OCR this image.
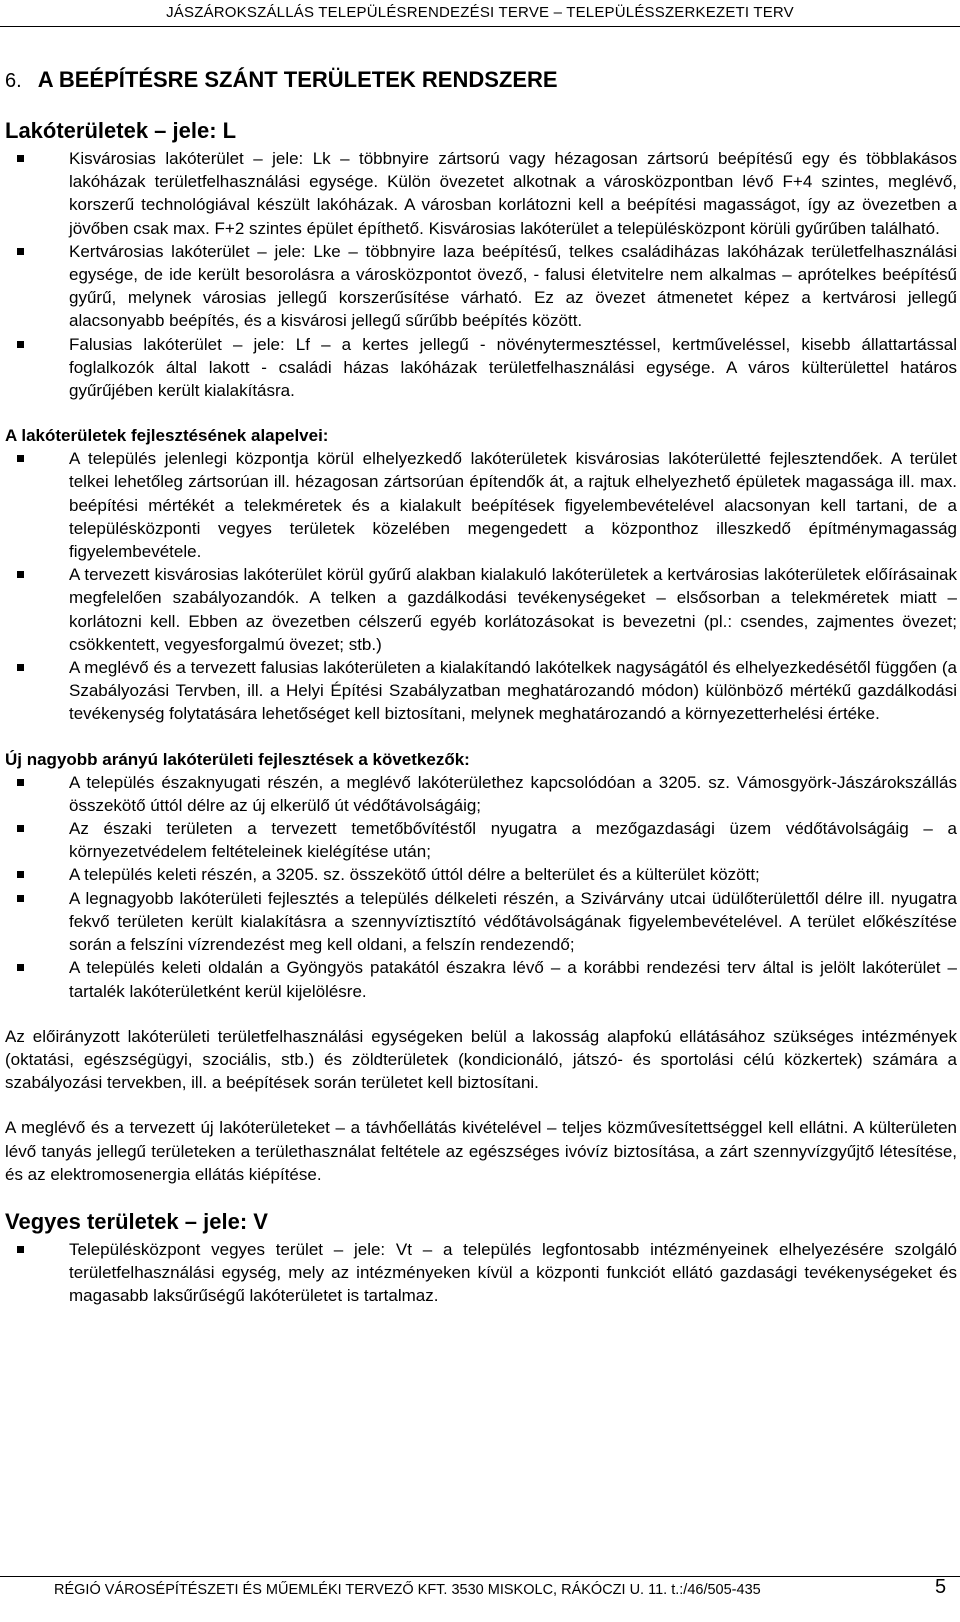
JÁSZÁROKSZÁLLÁS TELEPÜLÉSRENDEZÉSI TERVE – TELEPÜLÉSSZERKEZETI TERV
6. A BEÉPÍTÉSRE SZÁNT TERÜLETEK RENDSZERE
Lakóterületek – jele: L
Kisvárosias lakóterület – jele: Lk – többnyire zártsorú vagy hézagosan zártsorú beépítésű egy és többlakásos lakóházak területfelhasználási egysége. Külön övezetet alkotnak a városközpontban lévő F+4 szintes, meglévő, korszerű technológiával készült lakóházak. A városban korlátozni kell a beépítési magasságot, így az övezetben a jövőben csak max. F+2 szintes épület építhető. Kisvárosias lakóterület a településközpont körüli gyűrűben található.
Kertvárosias lakóterület – jele: Lke – többnyire laza beépítésű, telkes családiházas lakóházak területfelhasználási egysége, de ide került besorolásra a városközpontot övező, - falusi életvitelre nem alkalmas – aprótelkes beépítésű gyűrű, melynek városias jellegű korszerűsítése várható. Ez az övezet átmenetet képez a kertvárosi jellegű alacsonyabb beépítés, és a kisvárosi jellegű sűrűbb beépítés között.
Falusias lakóterület – jele: Lf – a kertes jellegű - növénytermesztéssel, kertműveléssel, kisebb állattartással foglalkozók által lakott - családi házas lakóházak területfelhasználási egysége. A város külterülettel határos gyűrűjében került kialakításra.
A lakóterületek fejlesztésének alapelvei:
A település jelenlegi központja körül elhelyezkedő lakóterületek kisvárosias lakóterületté fejlesztendőek. A terület telkei lehetőleg zártsorúan ill. hézagosan zártsorúan építendők át, a rajtuk elhelyezhető épületek magassága ill. max. beépítési mértékét a telekméretek és a kialakult beépítések figyelembevételével alacsonyan kell tartani, de a településközponti vegyes területek közelében megengedett a központhoz illeszkedő építménymagasság figyelembevétele.
A tervezett kisvárosias lakóterület körül gyűrű alakban kialakuló lakóterületek a kertvárosias lakóterületek előírásainak megfelelően szabályozandók. A telken a gazdálkodási tevékenységeket – elsősorban a telekméretek miatt – korlátozni kell. Ebben az övezetben célszerű egyéb korlátozásokat is bevezetni (pl.: csendes, zajmentes övezet; csökkentett, vegyesforgalmú övezet; stb.)
A meglévő és a tervezett falusias lakóterületen a kialakítandó lakótelkek nagyságától és elhelyezkedésétől függően (a Szabályozási Tervben, ill. a Helyi Építési Szabályzatban meghatározandó módon) különböző mértékű gazdálkodási tevékenység folytatására lehetőséget kell biztosítani, melynek meghatározandó a környezetterhelési értéke.
Új nagyobb arányú lakóterületi fejlesztések a következők:
A település északnyugati részén, a meglévő lakóterülethez kapcsolódóan a 3205. sz. Vámosgyörk-Jászárokszállás összekötő úttól délre az új elkerülő út védőtávolságáig;
Az északi területen a tervezett temetőbővítéstől nyugatra a mezőgazdasági üzem védőtávolságáig – a környezetvédelem feltételeinek kielégítése után;
A település keleti részén, a 3205. sz. összekötő úttól délre a belterület és a külterület között;
A legnagyobb lakóterületi fejlesztés a település délkeleti részén, a Szivárvány utcai üdülőterülettől délre ill. nyugatra fekvő területen került kialakításra a szennyvíztisztító védőtávolságának figyelembevételével. A terület előkészítése során a felszíni vízrendezést meg kell oldani, a felszín rendezendő;
A település keleti oldalán a Gyöngyös patakától északra lévő – a korábbi rendezési terv által is jelölt lakóterület – tartalék lakóterületként kerül kijelölésre.

Az előirányzott lakóterületi területfelhasználási egységeken belül a lakosság alapfokú ellátásához szükséges intézmények (oktatási, egészségügyi, szociális, stb.) és zöldterületek (kondicionáló, játszó- és sportolási célú közkertek) számára a szabályozási tervekben, ill. a beépítések során területet kell biztosítani.

A meglévő és a tervezett új lakóterületeket – a távhőellátás kivételével – teljes közművesítettséggel kell ellátni. A külterületen lévő tanyás jellegű területeken a területhasználat feltétele az egészséges ivóvíz biztosítása, a zárt szennyvízgyűjtő létesítése, és az elektromosenergia ellátás kiépítése.

Vegyes területek – jele: V
Településközpont vegyes terület – jele: Vt – a település legfontosabb intézményeinek elhelyezésére szolgáló területfelhasználási egység, mely az intézményeken kívül a központi funkciót ellátó gazdasági tevékenységeket és magasabb laksűrűségű lakóterületet is tartalmaz.
RÉGIÓ VÁROSÉPÍTÉSZETI ÉS MŰEMLÉKI TERVEZŐ KFT. 3530 MISKOLC, RÁKÓCZI U. 11. t.:/46/505-435	5
